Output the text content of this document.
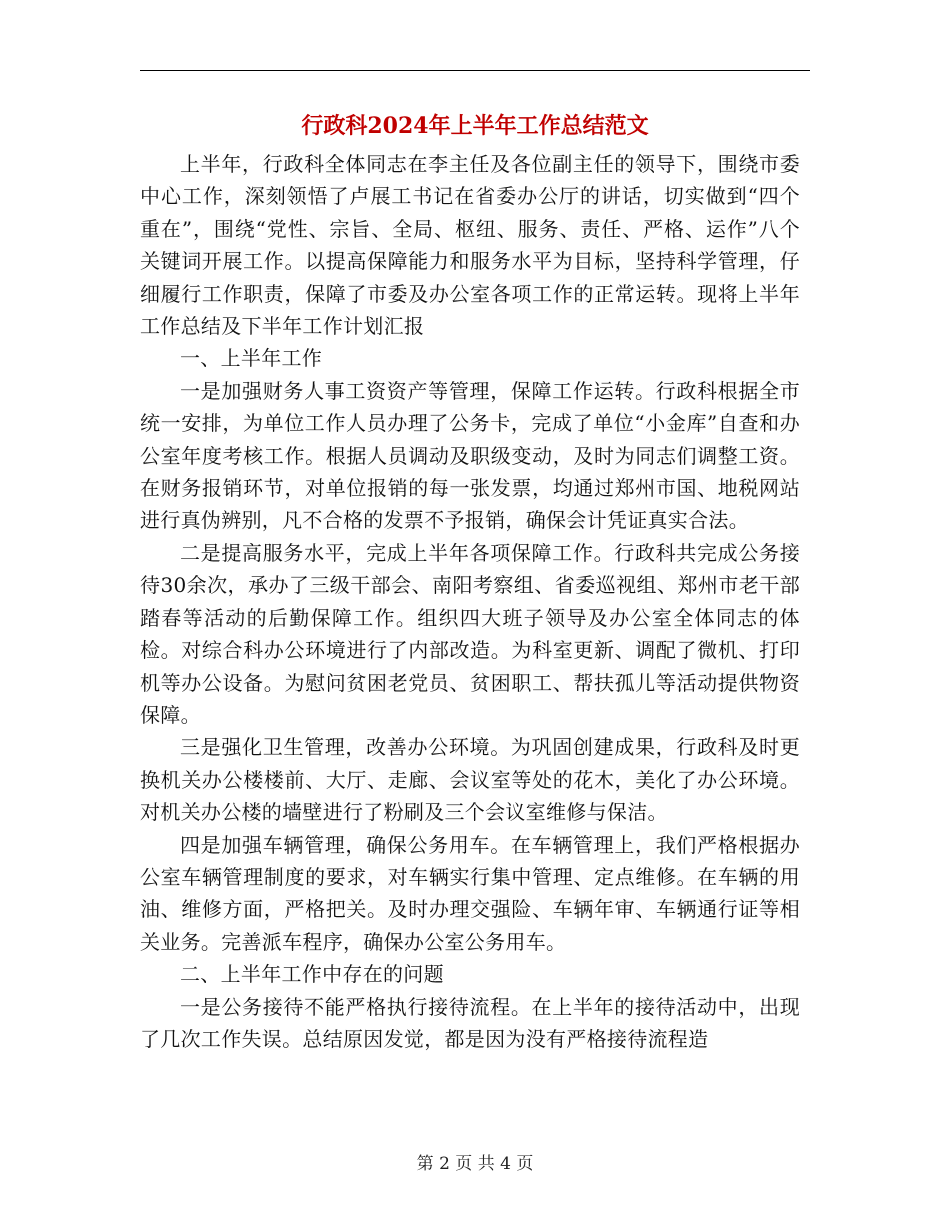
行政科2024年上半年工作总结范文

上半年，行政科全体同志在李主任及各位副主任的领导下，围绕市委中心工作，深刻领悟了卢展工书记在省委办公厅的讲话，切实做到“四个重在”，围绕“党性、宗旨、全局、枢纽、服务、责任、严格、运作”八个关键词开展工作。以提高保障能力和服务水平为目标，坚持科学管理，仔细履行工作职责，保障了市委及办公室各项工作的正常运转。现将上半年工作总结及下半年工作计划汇报

一、上半年工作

一是加强财务人事工资资产等管理，保障工作运转。行政科根据全市统一安排，为单位工作人员办理了公务卡，完成了单位“小金库”自查和办公室年度考核工作。根据人员调动及职级变动，及时为同志们调整工资。在财务报销环节，对单位报销的每一张发票，均通过郑州市国、地税网站进行真伪辨别，凡不合格的发票不予报销，确保会计凭证真实合法。

二是提高服务水平，完成上半年各项保障工作。行政科共完成公务接待30余次，承办了三级干部会、南阳考察组、省委巡视组、郑州市老干部踏春等活动的后勤保障工作。组织四大班子领导及办公室全体同志的体检。对综合科办公环境进行了内部改造。为科室更新、调配了微机、打印机等办公设备。为慰问贫困老党员、贫困职工、帮扶孤儿等活动提供物资保障。

三是强化卫生管理，改善办公环境。为巩固创建成果，行政科及时更换机关办公楼楼前、大厅、走廊、会议室等处的花木，美化了办公环境。对机关办公楼的墙壁进行了粉刷及三个会议室维修与保洁。

四是加强车辆管理，确保公务用车。在车辆管理上，我们严格根据办公室车辆管理制度的要求，对车辆实行集中管理、定点维修。在车辆的用油、维修方面，严格把关。及时办理交强险、车辆年审、车辆通行证等相关业务。完善派车程序，确保办公室公务用车。

二、上半年工作中存在的问题

一是公务接待不能严格执行接待流程。在上半年的接待活动中，出现了几次工作失误。总结原因发觉，都是因为没有严格接待流程造

第 2 页 共 4 页
